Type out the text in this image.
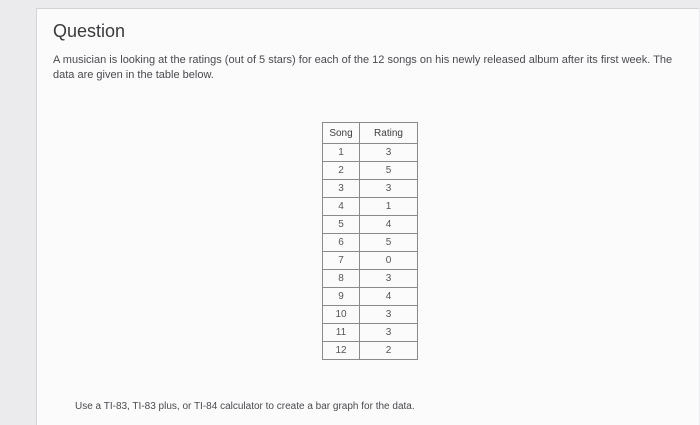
Question

A musician is looking at the ratings (out of 5 stars) for each of the 12 songs on his newly released album after its first week. The data are given in the table below.

Song	Rating
1	3
2	5
3	3
4	1
5	4
6	5
7	0
8	3
9	4
10	3
11	3
12	2
Use a TI-83, TI-83 plus, or TI-84 calculator to create a bar graph for the data.
